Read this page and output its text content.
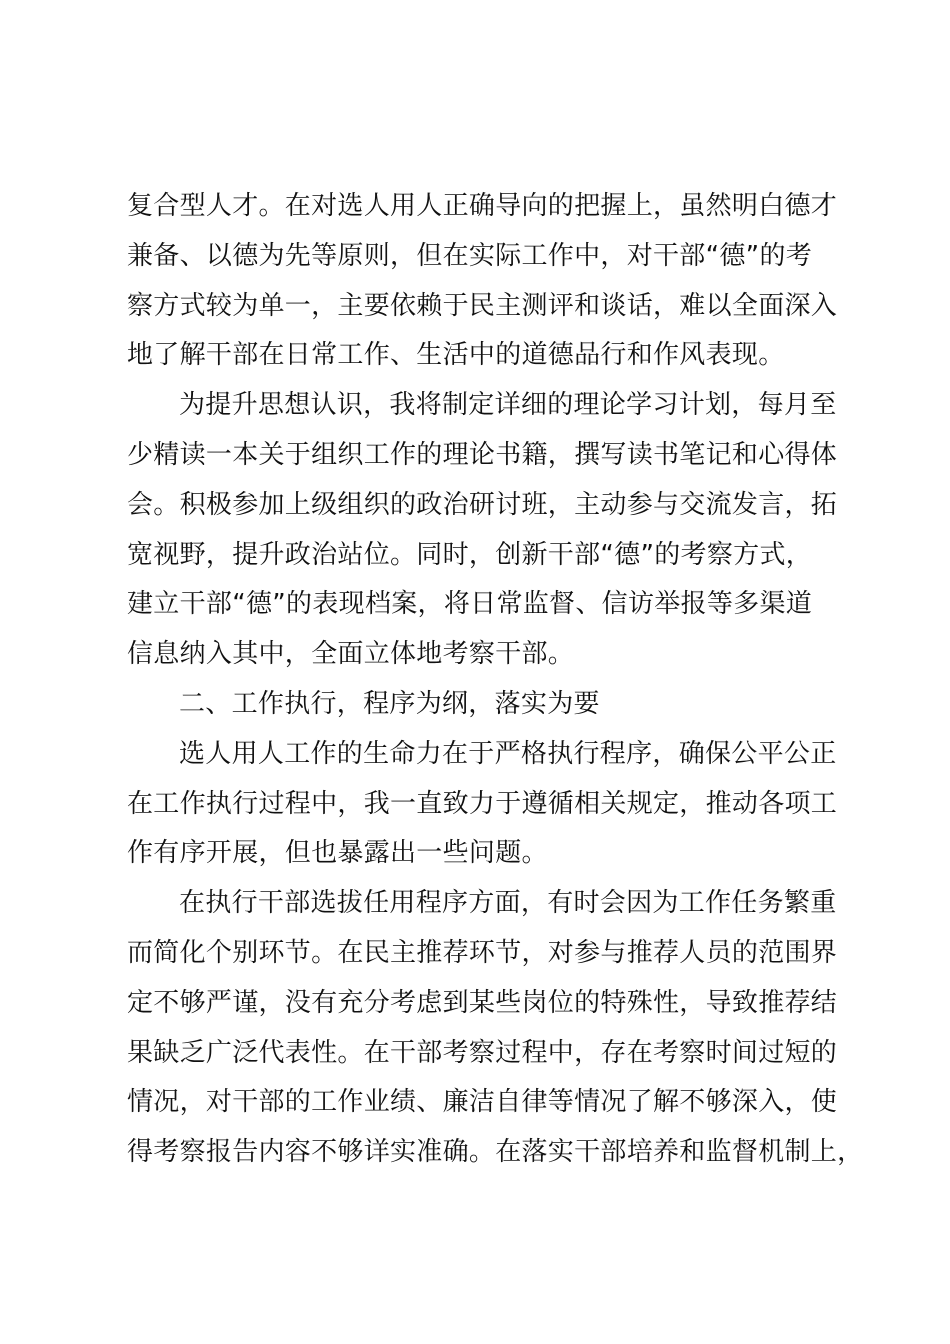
复合型人才。在对选人用人正确导向的把握上，虽然明白德才
兼备、以德为先等原则，但在实际工作中，对干部“德”的考
察方式较为单一，主要依赖于民主测评和谈话，难以全面深入
地了解干部在日常工作、生活中的道德品行和作风表现。
为提升思想认识，我将制定详细的理论学习计划，每月至
少精读一本关于组织工作的理论书籍，撰写读书笔记和心得体
会。积极参加上级组织的政治研讨班，主动参与交流发言，拓
宽视野，提升政治站位。同时，创新干部“德”的考察方式，
建立干部“德”的表现档案，将日常监督、信访举报等多渠道
信息纳入其中，全面立体地考察干部。
二、工作执行，程序为纲，落实为要
选人用人工作的生命力在于严格执行程序，确保公平公正
在工作执行过程中，我一直致力于遵循相关规定，推动各项工
作有序开展，但也暴露出一些问题。
在执行干部选拔任用程序方面，有时会因为工作任务繁重
而简化个别环节。在民主推荐环节，对参与推荐人员的范围界
定不够严谨，没有充分考虑到某些岗位的特殊性，导致推荐结
果缺乏广泛代表性。在干部考察过程中，存在考察时间过短的
情况，对干部的工作业绩、廉洁自律等情况了解不够深入，使
得考察报告内容不够详实准确。在落实干部培养和监督机制上，
